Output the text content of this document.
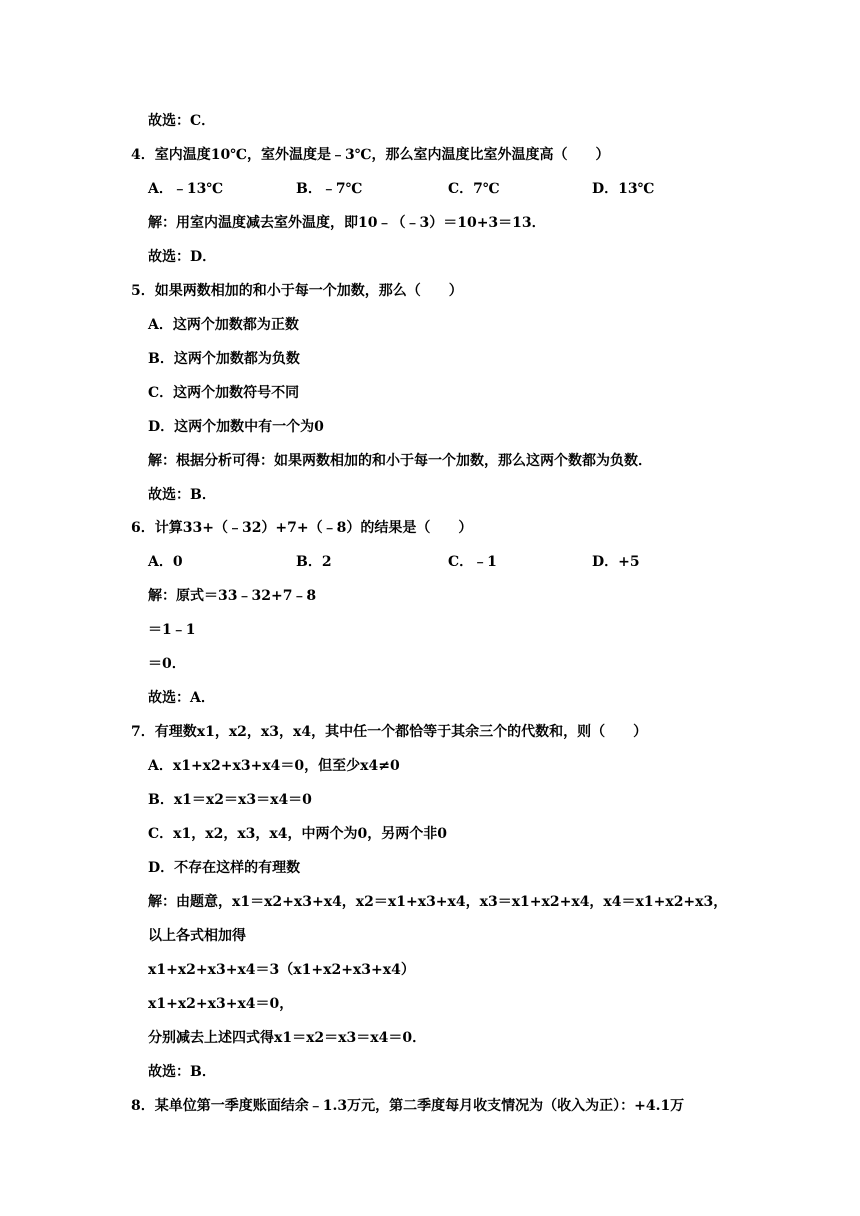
故选：C．
4．室内温度10℃，室外温度是﹣3℃，那么室内温度比室外温度高（　　）
A．﹣13℃	B．﹣7℃	C．7℃	D．13℃
解：用室内温度减去室外温度，即10﹣（﹣3）＝10+3＝13．
故选：D．
5．如果两数相加的和小于每一个加数，那么（　　）
A．这两个加数都为正数
B．这两个加数都为负数
C．这两个加数符号不同
D．这两个加数中有一个为0
解：根据分析可得：如果两数相加的和小于每一个加数，那么这两个数都为负数．
故选：B．
6．计算33+（﹣32）+7+（﹣8）的结果是（　　）
A．0	B．2	C．﹣1	D．+5
解：原式＝33﹣32+7﹣8
＝1﹣1
＝0．
故选：A．
7．有理数x1，x2，x3，x4，其中任一个都恰等于其余三个的代数和，则（　　）
A．x1+x2+x3+x4＝0，但至少x4≠0
B．x1＝x2＝x3＝x4＝0
C．x1，x2，x3，x4，中两个为0，另两个非0
D．不存在这样的有理数
解：由题意，x1＝x2+x3+x4，x2＝x1+x3+x4，x3＝x1+x2+x4，x4＝x1+x2+x3，
以上各式相加得
x1+x2+x3+x4＝3（x1+x2+x3+x4）
x1+x2+x3+x4＝0，
分别减去上述四式得x1＝x2＝x3＝x4＝0．
故选：B．
8．某单位第一季度账面结余﹣1.3万元，第二季度每月收支情况为（收入为正）：+4.1万
